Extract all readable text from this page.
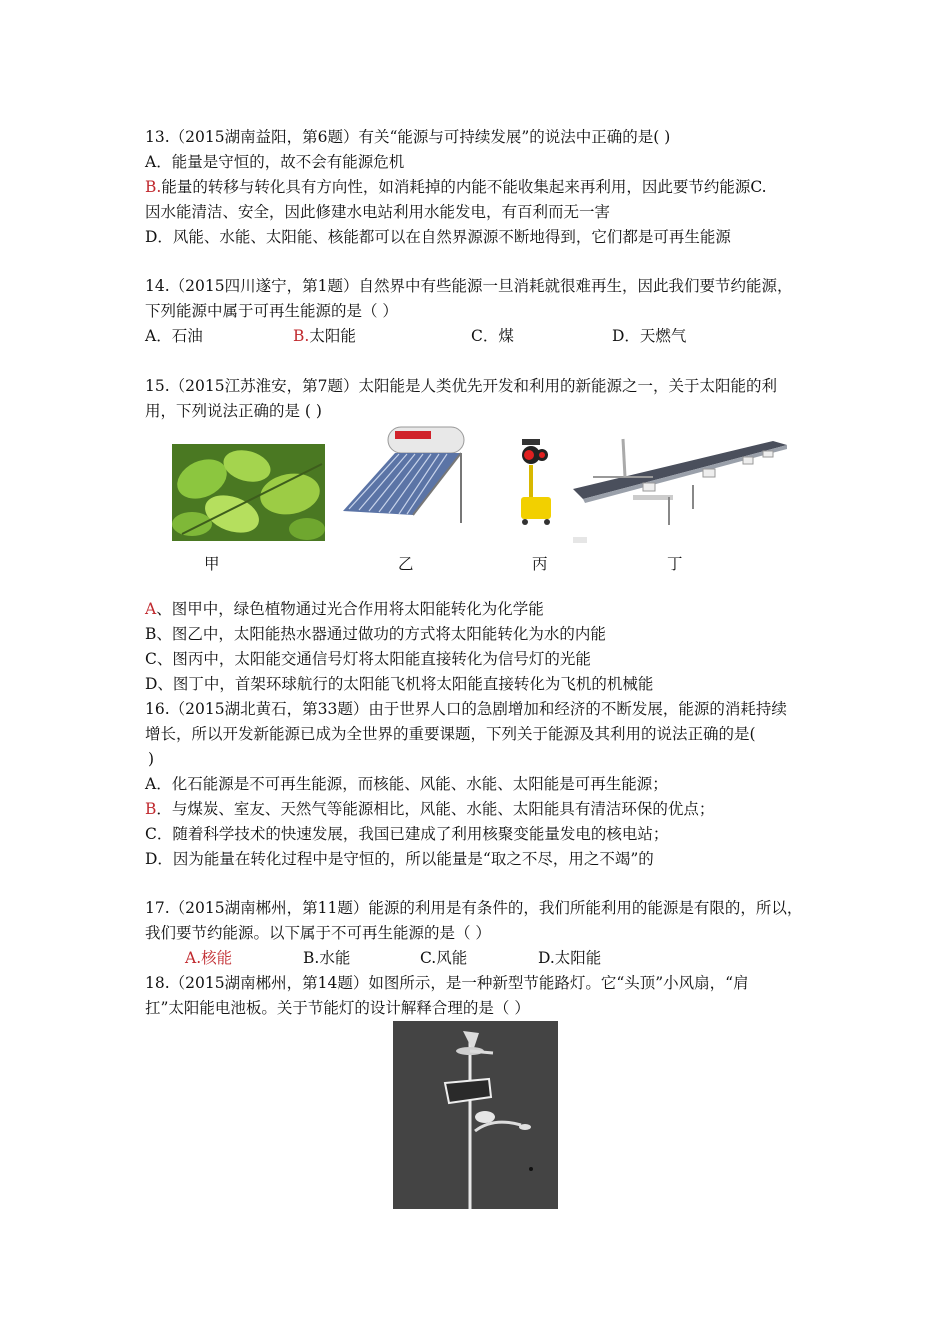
13.（2015湖南益阳，第6题）有关“能源与可持续发展”的说法中正确的是( )
A．能量是守恒的，故不会有能源危机
B.能量的转移与转化具有方向性，如消耗掉的内能不能收集起来再利用，因此要节约能源C.
因水能清洁、安全，因此修建水电站利用水能发电，有百利而无一害
D．风能、水能、太阳能、核能都可以在自然界源源不断地得到，它们都是可再生能源
14.（2015四川遂宁，第1题）自然界中有些能源一旦消耗就很难再生，因此我们要节约能源，
下列能源中属于可再生能源的是（ ）
A．石油	B.太阳能	C．煤	D．天燃气
15.（2015江苏淮安，第7题）太阳能是人类优先开发和利用的新能源之一，关于太阳能的利
用，下列说法正确的是 ( )
甲	乙	丙	丁
A、图甲中，绿色植物通过光合作用将太阳能转化为化学能
B、图乙中，太阳能热水器通过做功的方式将太阳能转化为水的内能
C、图丙中，太阳能交通信号灯将太阳能直接转化为信号灯的光能
D、图丁中，首架环球航行的太阳能飞机将太阳能直接转化为飞机的机械能
16.（2015湖北黄石，第33题）由于世界人口的急剧增加和经济的不断发展，能源的消耗持续
增长，所以开发新能源已成为全世界的重要课题，下列关于能源及其利用的说法正确的是(
)
A．化石能源是不可再生能源，而核能、风能、水能、太阳能是可再生能源；
B．与煤炭、室友、天然气等能源相比，风能、水能、太阳能具有清洁环保的优点；
C．随着科学技术的快速发展，我国已建成了利用核聚变能量发电的核电站；
D．因为能量在转化过程中是守恒的，所以能量是“取之不尽，用之不竭”的
17.（2015湖南郴州，第11题）能源的利用是有条件的，我们所能利用的能源是有限的，所以，
我们要节约能源。以下属于不可再生能源的是（ ）
A.核能	B.水能	C.风能	D.太阳能
18.（2015湖南郴州，第14题）如图所示，是一种新型节能路灯。它“头顶”小风扇，“肩
扛”太阳能电池板。关于节能灯的设计解释合理的是（ ）
